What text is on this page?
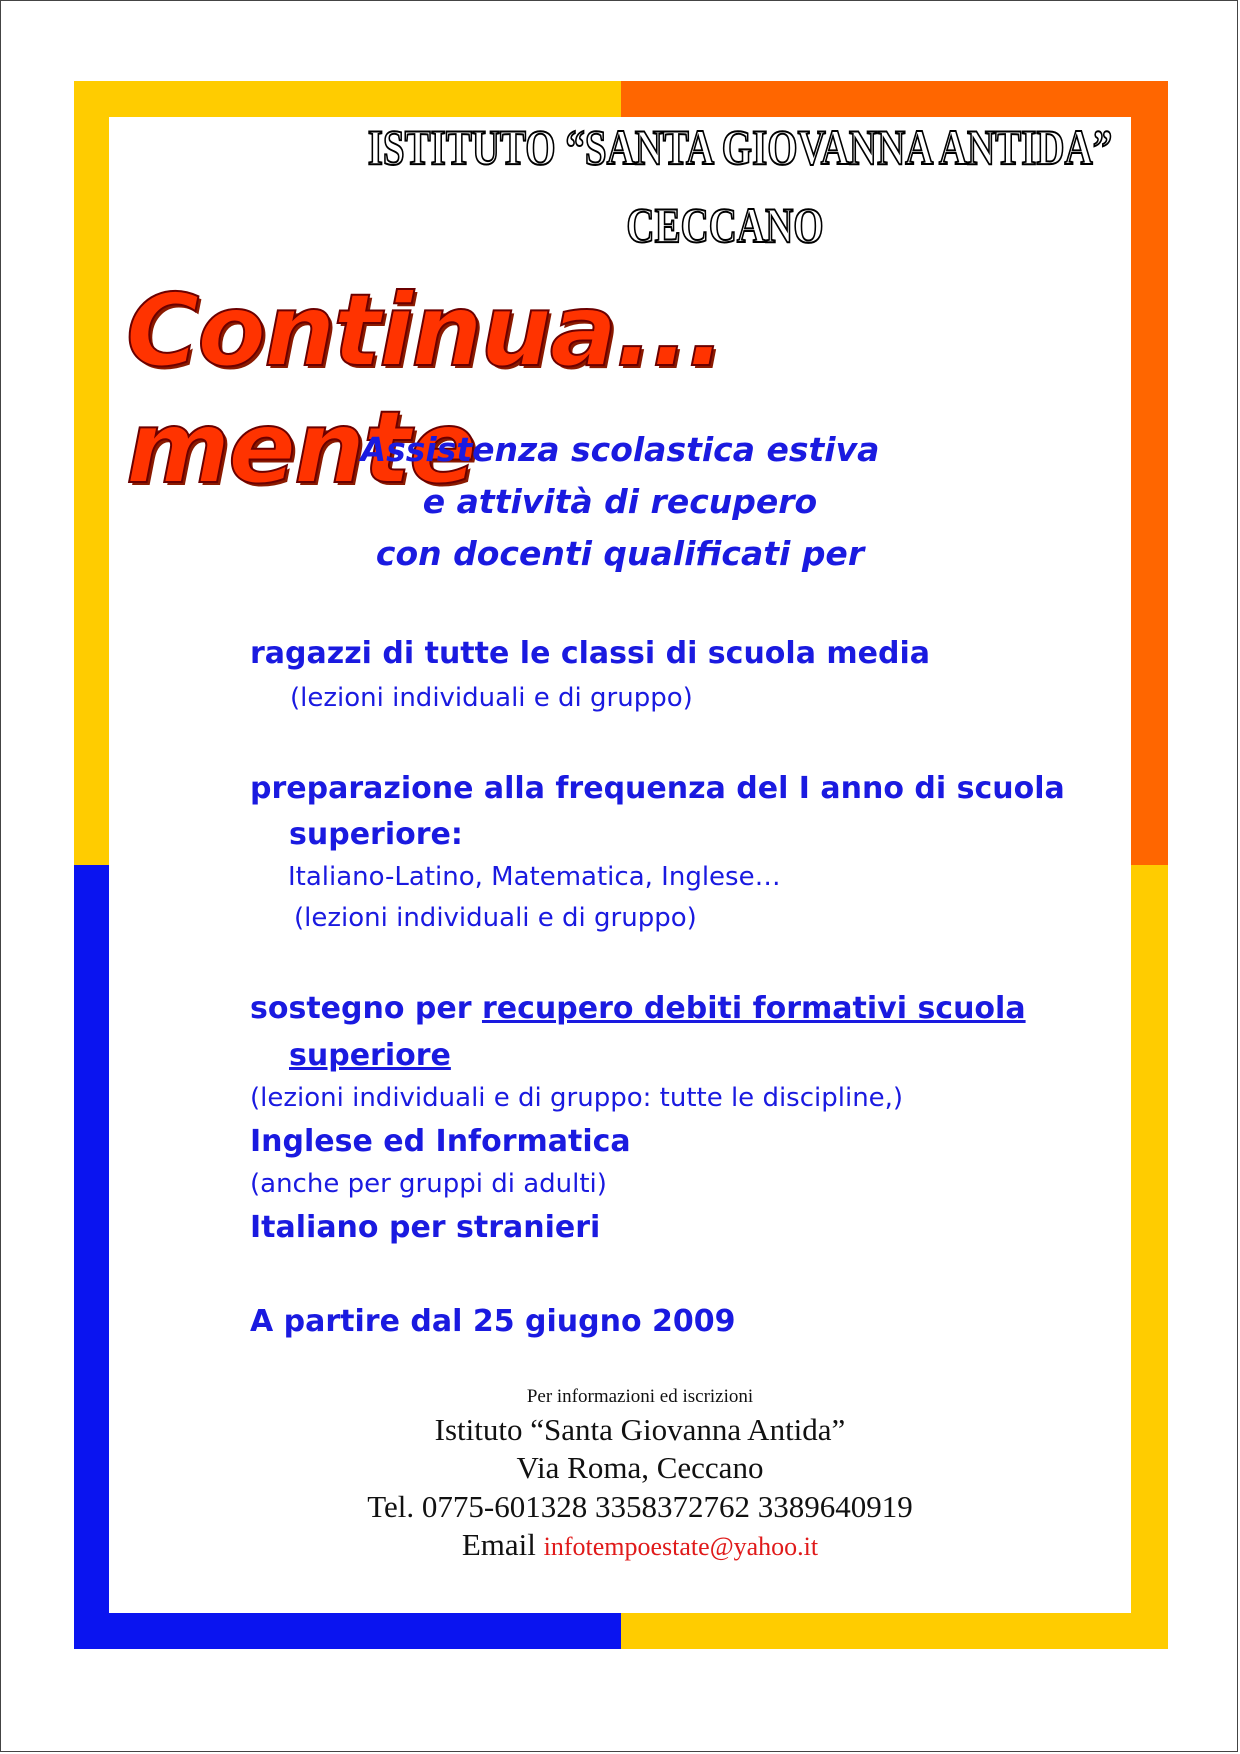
ISTITUTO “SANTA GIOVANNA ANTIDA”
CECCANO
Continua... mente
Assistenza scolastica estiva
e attività di recupero
con docenti qualificati per
ragazzi di tutte le classi di scuola media
(lezioni individuali e di gruppo)
preparazione alla frequenza del I anno di scuola
superiore:
Italiano-Latino, Matematica, Inglese…
(lezioni individuali e di gruppo)
sostegno per recupero debiti formativi scuola
superiore
(lezioni individuali e di gruppo: tutte le discipline,)
Inglese ed Informatica
(anche per gruppi di adulti)
Italiano per stranieri
A partire dal 25 giugno 2009
Per informazioni ed iscrizioni
Istituto “Santa Giovanna Antida”
Via Roma, Ceccano
Tel. 0775-601328 3358372762 3389640919
Email infotempoestate@yahoo.it
